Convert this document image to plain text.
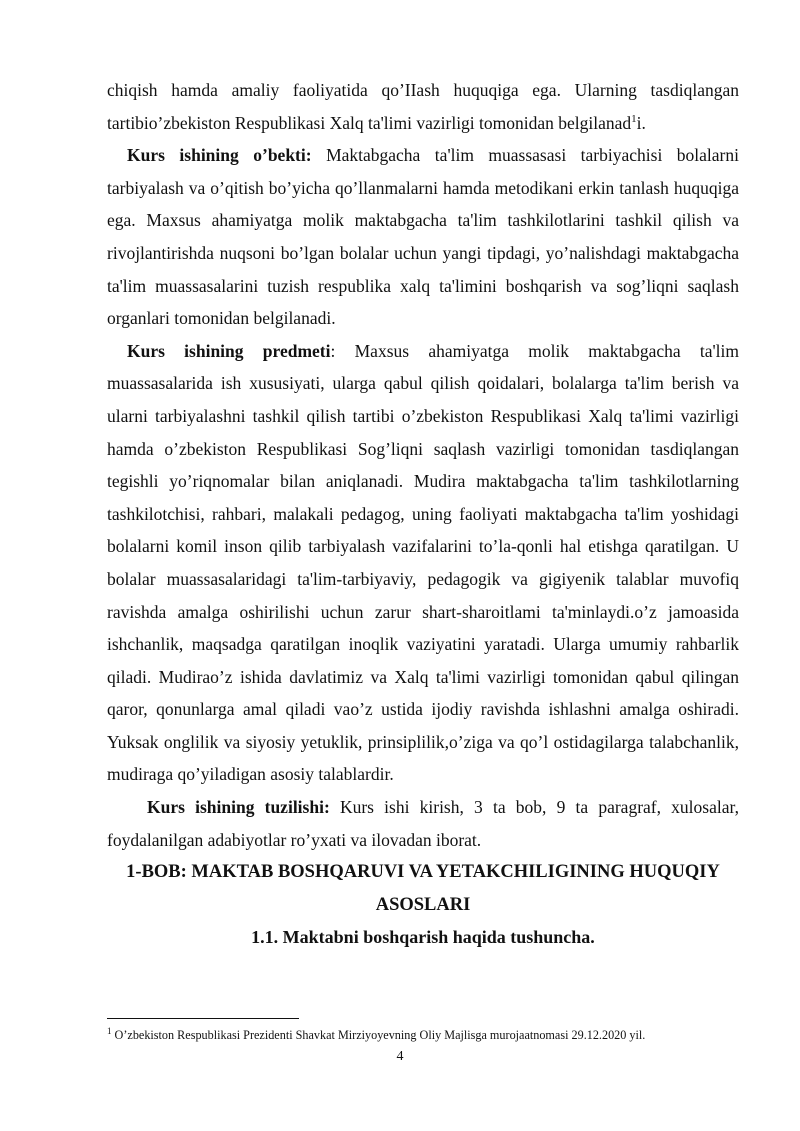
chiqish hamda amaliy faoliyatida qo’IIash huquqiga ega. Ularning tasdiqlangan tartibio’zbekiston Respublikasi Xalq ta'limi vazirligi tomonidan belgilanad$^1$i.

Kurs ishining o’bekti: Maktabgacha ta'lim muassasasi tarbiyachisi bolalarni tarbiyalash va o’qitish bo’yicha qo’llanmalarni hamda metodikani erkin tanlash huquqiga ega. Maxsus ahamiyatga molik maktabgacha ta'lim tashkilotlarini tashkil qilish va rivojlantirishda nuqsoni bo’lgan bolalar uchun yangi tipdagi, yo’nalishdagi maktabgacha ta'lim muassasalarini tuzish respublika xalq ta'limini boshqarish va sog’liqni saqlash organlari tomonidan belgilanadi.

Kurs ishining predmeti: Maxsus ahamiyatga molik maktabgacha ta'lim muassasalarida ish xususiyati, ularga qabul qilish qoidalari, bolalarga ta'lim berish va ularni tarbiyalashni tashkil qilish tartibi o’zbekiston Respublikasi Xalq ta'limi vazirligi hamda o’zbekiston Respublikasi Sog’liqni saqlash vazirligi tomonidan tasdiqlangan tegishli yo’riqnomalar bilan aniqlanadi. Mudira maktabgacha ta'lim tashkilotlarning tashkilotchisi, rahbari, malakali pedagog, uning faoliyati maktabgacha ta'lim yoshidagi bolalarni komil inson qilib tarbiyalash vazifalarini to’la-qonli hal etishga qaratilgan. U bolalar muassasalaridagi ta'lim-tarbiyaviy, pedagogik va gigiyenik talablar muvofiq ravishda amalga oshirilishi uchun zarur shart-sharoitlami ta'minlaydi.o’z jamoasida ishchanlik, maqsadga qaratilgan inoqlik vaziyatini yaratadi. Ularga umumiy rahbarlik qiladi. Mudirao’z ishida davlatimiz va Xalq ta'limi vazirligi tomonidan qabul qilingan qaror, qonunlarga amal qiladi vao’z ustida ijodiy ravishda ishlashni amalga oshiradi. Yuksak onglilik va siyosiy yetuklik, prinsiplilik,o’ziga va qo’l ostidagilarga talabchanlik, mudiraga qo’yiladigan asosiy talablardir.

Kurs ishining tuzilishi: Kurs ishi kirish, 3 ta bob, 9 ta paragraf, xulosalar, foydalanilgan adabiyotlar ro’yxati va ilovadan iborat.

1-BOB: MAKTAB BOSHQARUVI VA YETAKCHILIGINING HUQUQIY ASOSLARI

1.1. Maktabni boshqarish haqida tushuncha.

$^1$ O’zbekiston Respublikasi Prezidenti Shavkat Mirziyoyevning Oliy Majlisga murojaatnomasi 29.12.2020 yil.
4
